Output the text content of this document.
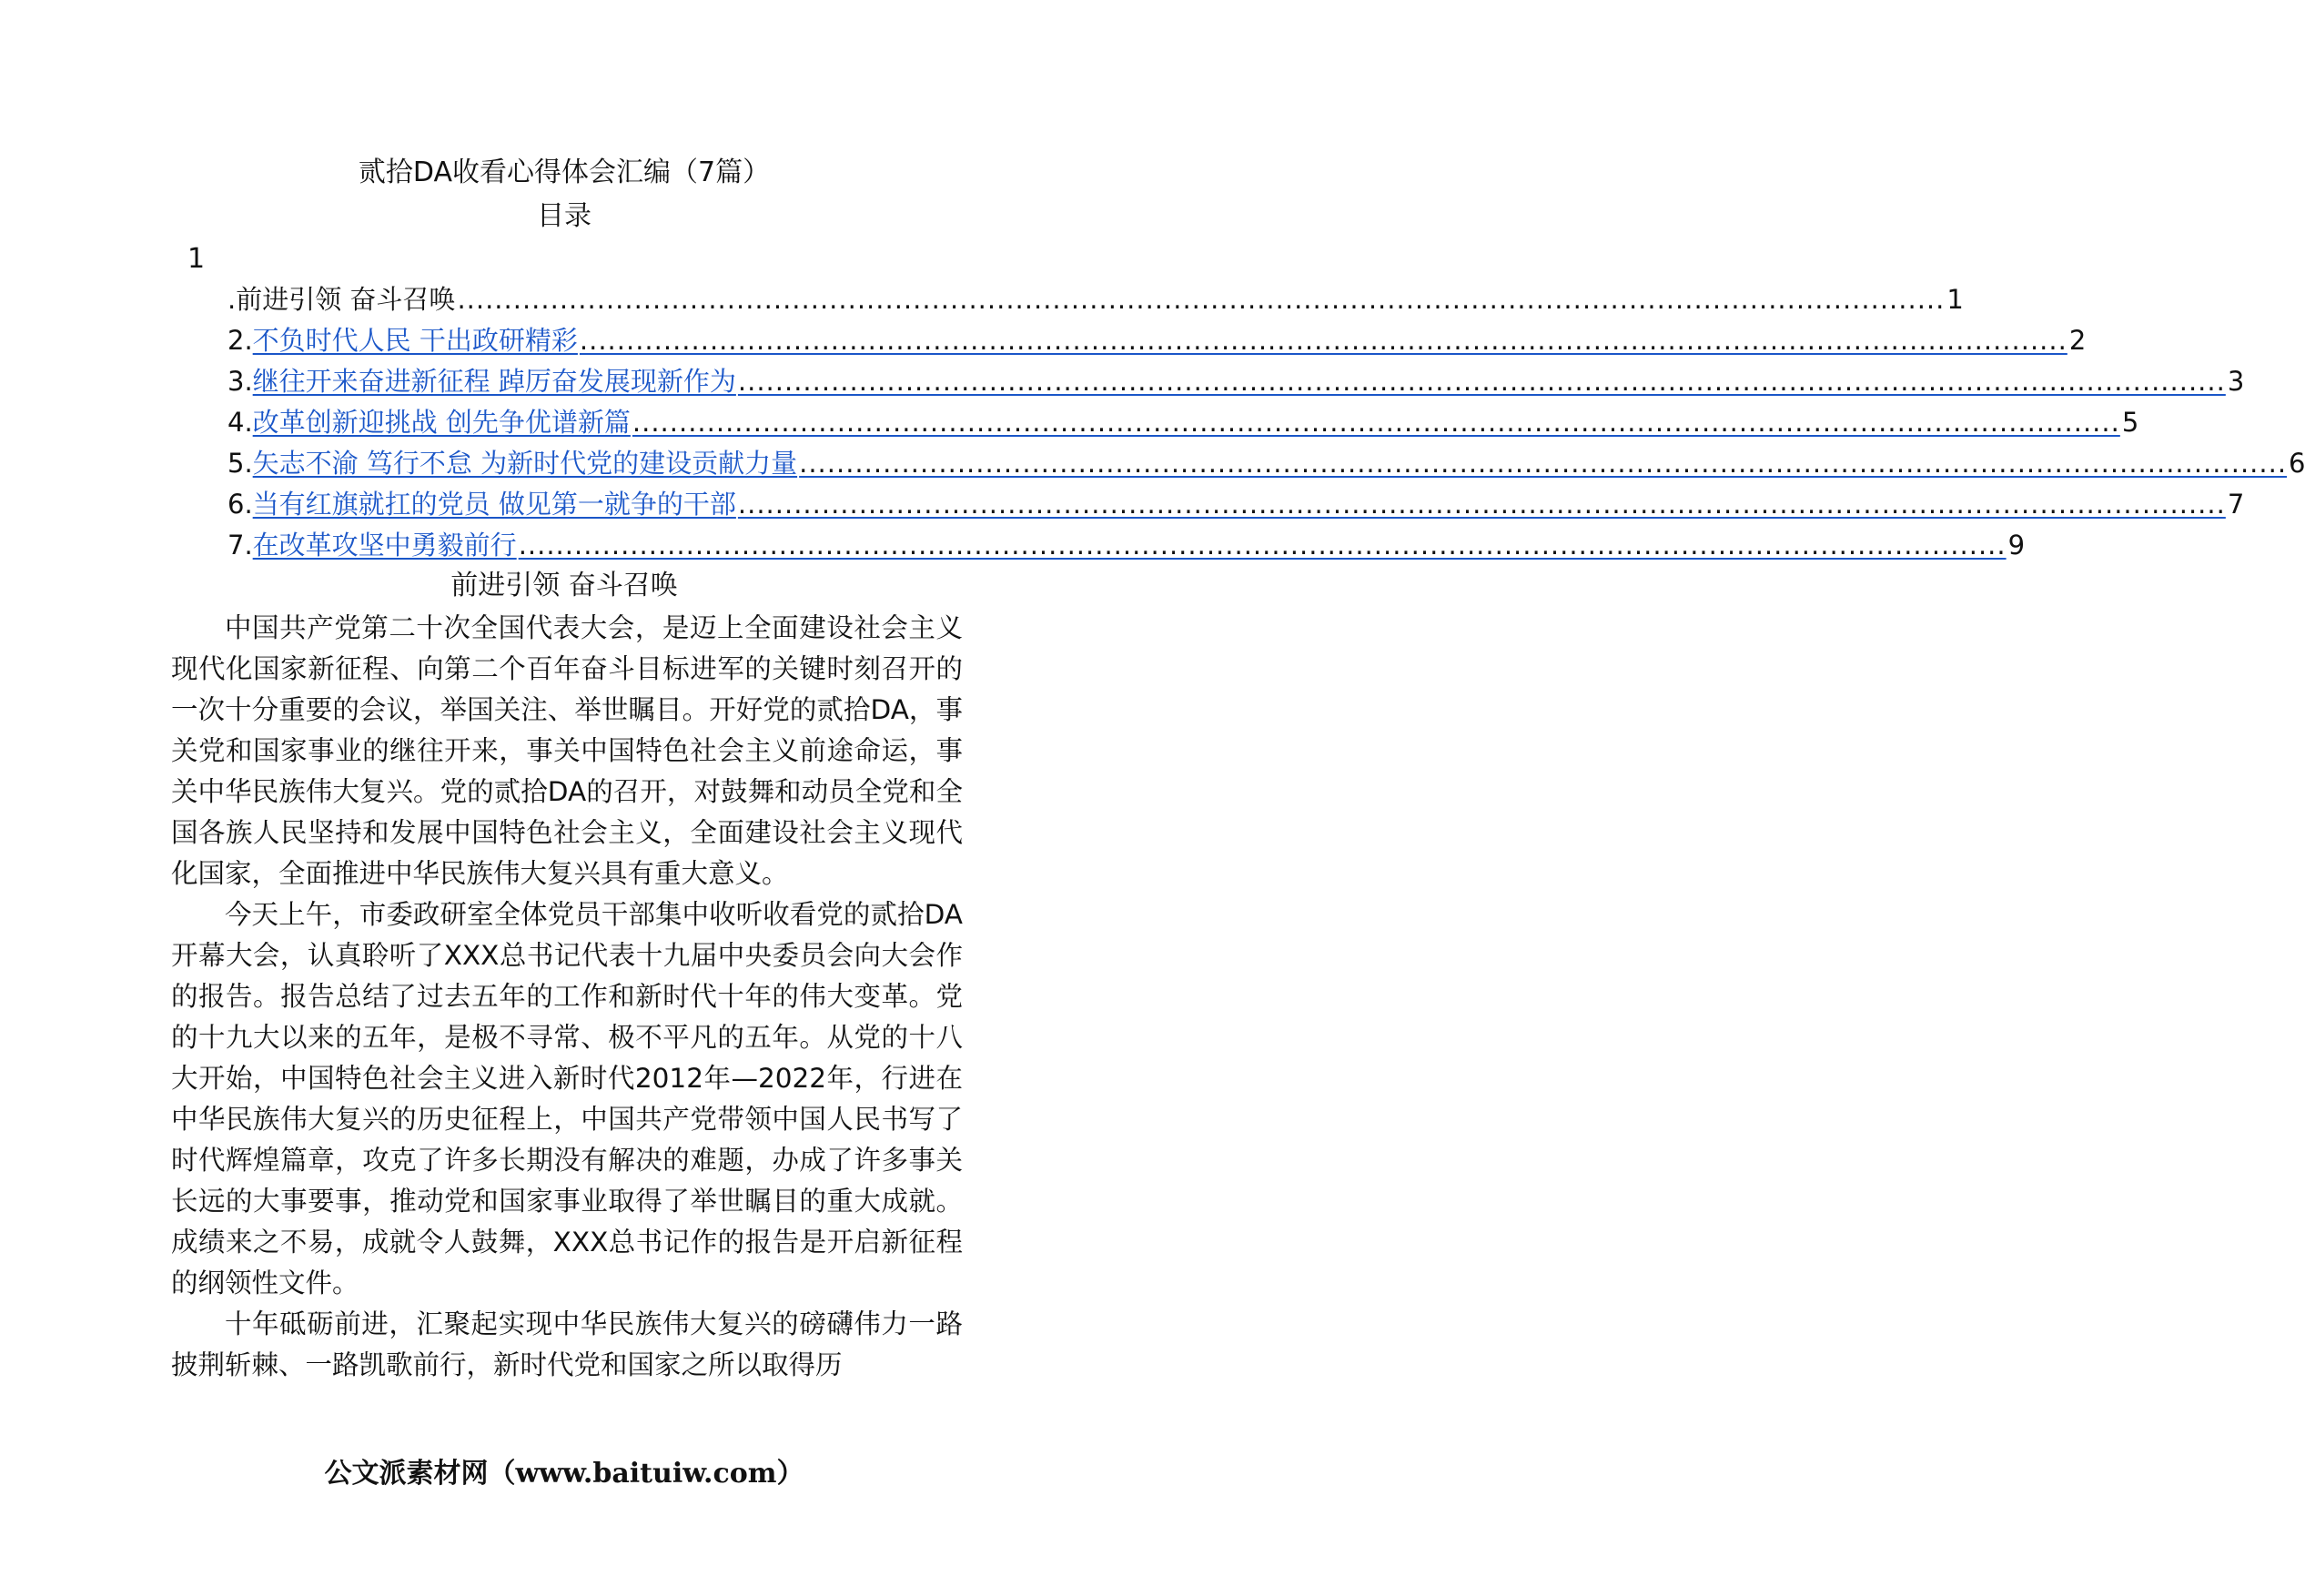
贰拾DA收看心得体会汇编（7篇）
目录
1
. 前进引领 奋斗召唤 ................................................................................................................................................................ 1
2. 不负时代人民 干出政研精彩 ................................................................................................................................................................ 2
3. 继往开来奋进新征程 踔厉奋发展现新作为 ................................................................................................................................................................ 3
4. 改革创新迎挑战 创先争优谱新篇 ................................................................................................................................................................ 5
5. 矢志不渝 笃行不怠 为新时代党的建设贡献力量 ................................................................................................................................................................ 6
6. 当有红旗就扛的党员 做见第一就争的干部 ................................................................................................................................................................ 7
7. 在改革攻坚中勇毅前行 ................................................................................................................................................................ 9
前进引领 奋斗召唤

中国共产党第二十次全国代表大会，是迈上全面建设社会主义现代化国家新征程、向第二个百年奋斗目标进军的关键时刻召开的一次十分重要的会议，举国关注、举世瞩目。开好党的贰拾DA，事关党和国家事业的继往开来，事关中国特色社会主义前途命运，事关中华民族伟大复兴。党的贰拾DA的召开，对鼓舞和动员全党和全国各族人民坚持和发展中国特色社会主义，全面建设社会主义现代化国家，全面推进中华民族伟大复兴具有重大意义。

今天上午，市委政研室全体党员干部集中收听收看党的贰拾DA开幕大会，认真聆听了XXX总书记代表十九届中央委员会向大会作的报告。报告总结了过去五年的工作和新时代十年的伟大变革。党的十九大以来的五年，是极不寻常、极不平凡的五年。从党的十八大开始，中国特色社会主义进入新时代2012年—2022年，行进在中华民族伟大复兴的历史征程上，中国共产党带领中国人民书写了时代辉煌篇章，攻克了许多长期没有解决的难题，办成了许多事关长远的大事要事，推动党和国家事业取得了举世瞩目的重大成就。成绩来之不易，成就令人鼓舞，XXX总书记作的报告是开启新征程的纲领性文件。

十年砥砺前进，汇聚起实现中华民族伟大复兴的磅礴伟力一路披荆斩棘、一路凯歌前行，新时代党和国家之所以取得历

公文派素材网（www.baituiw.com）
